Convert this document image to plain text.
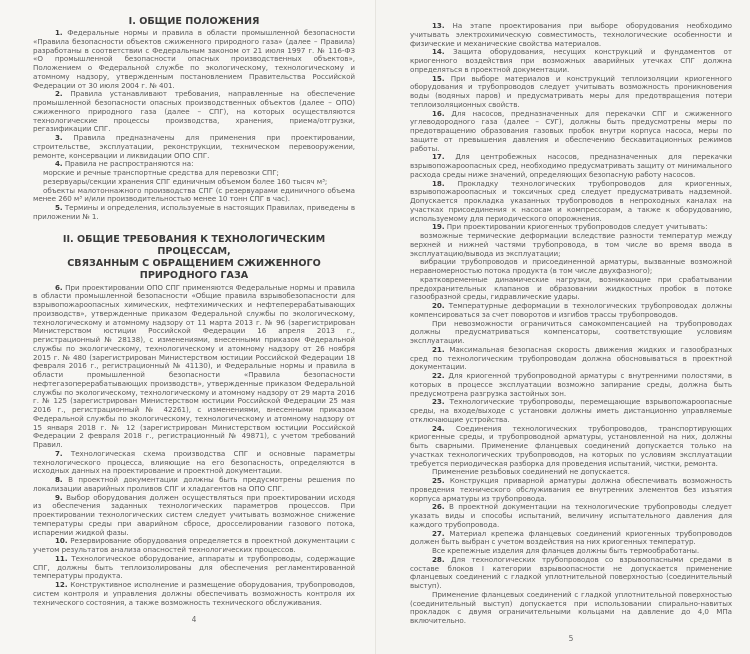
I. ОБЩИЕ ПОЛОЖЕНИЯ

1. Федеральные нормы и правила в области промышленной безопасности «Правила безопасности объектов сжиженного природного газа» (далее – Правила) разработаны в соответствии с Федеральным законом от 21 июля 1997 г. № 116-ФЗ «О промышленной безопасности опасных производственных объектов», Положением о Федеральной службе по экологическому, технологическому и атомному надзору, утвержденным постановлением Правительства Российской Федерации от 30 июля 2004 г. № 401.

2. Правила устанавливают требования, направленные на обеспечение промышленной безопасности опасных производственных объектов (далее – ОПО) сжиженного природного газа (далее – СПГ), на которых осуществляются технологические процессы производства, хранения, приема/отгрузки, регазификации СПГ.

3. Правила предназначены для применения при проектировании, строительстве, эксплуатации, реконструкции, техническом перевооружении, ремонте, консервации и ликвидации ОПО СПГ.

4. Правила не распространяются на:

морские и речные транспортные средства для перевозки СПГ;

резервуары/секции хранения СПГ единичным объемом более 160 тысяч м³;

объекты малотоннажного производства СПГ (с резервуарами единичного объема менее 260 м³ и/или производительностью менее 10 тонн СПГ в час).

5. Термины и определения, используемые в настоящих Правилах, приведены в приложении № 1.

II. ОБЩИЕ ТРЕБОВАНИЯ К ТЕХНОЛОГИЧЕСКИМ ПРОЦЕССАМ,
СВЯЗАННЫМ С ОБРАЩЕНИЕМ СЖИЖЕННОГО ПРИРОДНОГО ГАЗА

6. При проектировании ОПО СПГ применяются Федеральные нормы и правила в области промышленной безопасности «Общие правила взрывобезопасности для взрывопожароопасных химических, нефтехимических и нефтеперерабатывающих производств», утвержденные приказом Федеральной службы по экологическому, технологическому и атомному надзору от 11 марта 2013 г. № 96 (зарегистрирован Министерством юстиции Российской Федерации 16 апреля 2013 г., регистрационный № 28138), с изменениями, внесенными приказом Федеральной службы по экологическому, технологическому и атомному надзору от 26 ноября 2015 г. № 480 (зарегистрирован Министерством юстиции Российской Федерации 18 февраля 2016 г., регистрационный № 41130), и Федеральные нормы и правила в области промышленной безопасности «Правила безопасности нефтегазоперерабатывающих производств», утвержденные приказом Федеральной службы по экологическому, технологическому и атомному надзору от 29 марта 2016 г. № 125 (зарегистрирован Министерством юстиции Российской Федерации 25 мая 2016 г., регистрационный № 42261), с изменениями, внесенными приказом Федеральной службы по экологическому, технологическому и атомному надзору от 15 января 2018 г. № 12 (зарегистрирован Министерством юстиции Российской Федерации 2 февраля 2018 г., регистрационный № 49871), с учетом требований Правил.

7. Технологическая схема производства СПГ и основные параметры технологического процесса, влияющие на его безопасность, определяются в исходных данных на проектирование и проектной документации.

8. В проектной документации должны быть предусмотрены решения по локализации аварийных проливов СПГ и хладагентов на ОПО СПГ.

9. Выбор оборудования должен осуществляться при проектировании исходя из обеспечения заданных технологических параметров процессов. При проектировании технологических систем следует учитывать возможное снижение температуры среды при аварийном сбросе, дросселировании газового потока, испарении жидкой фазы.

10. Резервирование оборудования определяется в проектной документации с учетом результатов анализа опасностей технологических процессов.

11. Технологическое оборудование, аппараты и трубопроводы, содержащие СПГ, должны быть теплоизолированы для обеспечения регламентированной температуры продукта.

12. Конструктивное исполнение и размещение оборудования, трубопроводов, систем контроля и управления должны обеспечивать возможность контроля их технического состояния, а также возможность технического обслуживания.

4

13. На этапе проектирования при выборе оборудования необходимо учитывать электрохимическую совместимость, технологические особенности и физические и механические свойства материалов.

14. Защита оборудования, несущих конструкций и фундаментов от криогенного воздействия при возможных аварийных утечках СПГ должна определяться в проектной документации.

15. При выборе материалов и конструкций теплоизоляции криогенного оборудования и трубопроводов следует учитывать возможность проникновения воды (водяных паров) и предусматривать меры для предотвращения потери теплоизоляционных свойств.

16. Для насосов, предназначенных для перекачки СПГ и сжиженного углеводородного газа (далее – СУГ), должны быть предусмотрены меры по предотвращению образования газовых пробок внутри корпуса насоса, меры по защите от превышения давления и обеспечению бескавитационных режимов работы.

17. Для центробежных насосов, предназначенных для перекачки взрывопожароопасных сред, необходимо предусматривать защиту от минимального расхода среды ниже значений, определяющих безопасную работу насосов.

18. Прокладку технологических трубопроводов для криогенных, взрывопожароопасных и токсичных сред следует предусматривать надземной. Допускается прокладка указанных трубопроводов в непроходных каналах на участках присоединения к насосам и компрессорам, а также к оборудованию, используемому для периодического опорожнения.

19. При проектировании криогенных трубопроводов следует учитывать:

возможные термические деформации вследствие разности температур между верхней и нижней частями трубопровода, в том числе во время ввода в эксплуатацию/вывода из эксплуатации;

вибрации трубопроводов и присоединенной арматуры, вызванные возможной неравномерностью потока продукта (в том числе двухфазного);

кратковременные динамические нагрузки, возникающие при срабатывании предохранительных клапанов и образовании жидкостных пробок в потоке газообразной среды, гидравлические удары.

20. Температурные деформации в технологических трубопроводах должны компенсироваться за счет поворотов и изгибов трассы трубопроводов.

При невозможности ограничиться самокомпенсацией на трубопроводах должны предусматриваться компенсаторы, соответствующие условиям эксплуатации.

21. Максимальная безопасная скорость движения жидких и газообразных сред по технологическим трубопроводам должна обосновываться в проектной документации.

22. Для криогенной трубопроводной арматуры с внутренними полостями, в которых в процессе эксплуатации возможно запирание среды, должна быть предусмотрена разгрузка застойных зон.

23. Технологические трубопроводы, перемещающие взрывопожароопасные среды, на входе/выходе с установки должны иметь дистанционно управляемые отключающие устройства.

24. Соединения технологических трубопроводов, транспортирующих криогенные среды, и трубопроводной арматуры, установленной на них, должны быть сварными. Применение фланцевых соединений допускается только на участках технологических трубопроводов, на которых по условиям эксплуатации требуется периодическая разборка для проведения испытаний, чистки, ремонта.

Применение резьбовых соединений не допускается.

25. Конструкция приварной арматуры должна обеспечивать возможность проведения технического обслуживания ее внутренних элементов без изъятия корпуса арматуры из трубопровода.

26. В проектной документации на технологические трубопроводы следует указать виды и способы испытаний, величину испытательного давления для каждого трубопровода.

27. Материал крепежа фланцевых соединений криогенных трубопроводов должен быть выбран с учетом воздействия на них криогенных температур.

Все крепежные изделия для фланцев должны быть термообработаны.

28. Для технологических трубопроводов со взрывоопасными средами в составе блоков I категории взрывоопасности не допускается применение фланцевых соединений с гладкой уплотнительной поверхностью (соединительный выступ).

Применение фланцевых соединений с гладкой уплотнительной поверхностью (соединительный выступ) допускается при использовании спирально-навитых прокладок с двумя ограничительными кольцами на давление до 4,0 МПа включительно.

5
